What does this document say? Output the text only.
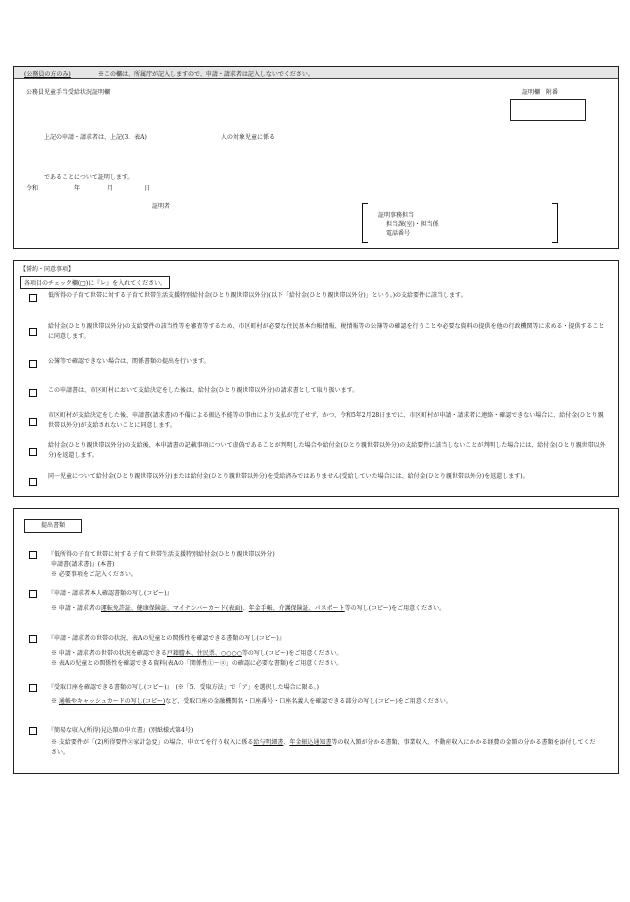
(公務員の方のみ)	※この欄は、所属庁が記入しますので、申請・請求者は記入しないでください。
公務員児童手当受給状況証明欄	証明欄　附番
上記の申請・請求者は、上記(3．表A)	人の対象児童に係る
であることについて証明します。
令和	年	月	日
証明者
証明事務担当
担当課(室)・担当係
電話番号
【誓約・同意事項】
各項目のチェック欄(□)に『レ』を入れてください。
低所得の子育て世帯に対する子育て世帯生活支援特別給付金(ひとり親世帯以外分)(以下「給付金(ひとり親世帯以外分)」という。)の支給要件に該当します。
給付金(ひとり親世帯以外分)の支給要件の該当性等を審査等するため、市区町村が必要な住民基本台帳情報、税情報等の公簿等の確認を行うことや必要な資料の提供を他の行政機関等に求める・提供することに同意します。
公簿等で確認できない場合は、関係書類の提出を行います。
この申請書は、市区町村において支給決定をした後は、給付金(ひとり親世帯以外分)の請求書として取り扱います。
市区町村が支給決定をした後、申請書(請求書)の不備による振込不能等の事由により支払が完了せず、かつ、令和5年2月28日までに、市区町村が申請・請求者に連絡・確認できない場合に、給付金(ひとり親世帯以外分)が支給されないことに同意します。
給付金(ひとり親世帯以外分)の支給後、本申請書の記載事項について虚偽であることが判明した場合や給付金(ひとり親世帯以外分)の支給要件に該当しないことが判明した場合には、給付金(ひとり親世帯以外分)を返還します。
同一児童について給付金(ひとり親世帯以外分)または給付金(ひとり親世帯以外分)を受給済みではありません(受給していた場合には、給付金(ひとり親世帯以外分)を返還します)。
提出書類
『低所得の子育て世帯に対する子育て世帯生活支援特別給付金(ひとり親世帯以外分)
申請書(請求書)』(本書)
※ 必要事項をご記入ください。
『申請・請求者本人確認書類の写し(コピー)』
※ 申請・請求者の運転免許証、健康保険証、マイナンバーカード(表面)、年金手帳、介護保険証、パスポート等の写し(コピー)をご用意ください。
『申請・請求者の世帯の状況、表Aの児童との関係性を確認できる書類の写し(コピー)』
※ 申請・請求者の世帯の状況を確認できる戸籍謄本、住民票、○○○○等の写し(コピー)をご用意ください。
※ 表Aの児童との関係性を確認できる資料(表Aの「関係性①～④」の確認に必要な書類)をご用意ください。
『受取口座を確認できる書類の写し(コピー)』　(※「5．受取方法」で「ア」を選択した場合に限る。)
※ 通帳やキャッシュカードの写し(コピー)など、受取口座の金融機関名・口座番号・口座名義人を確認できる部分の写し(コピー)をご用意ください。
『簡易な収入(所得)見込額の申立書』(別紙様式第4号)
※ 支給要件が「(2)所得要件②家計急変」の場合、申立てを行う収入に係る給与明細書、年金振込通知書等の収入額が分かる書類、事業収入、不動産収入にかかる経費の金額の分かる書類を添付してください。
